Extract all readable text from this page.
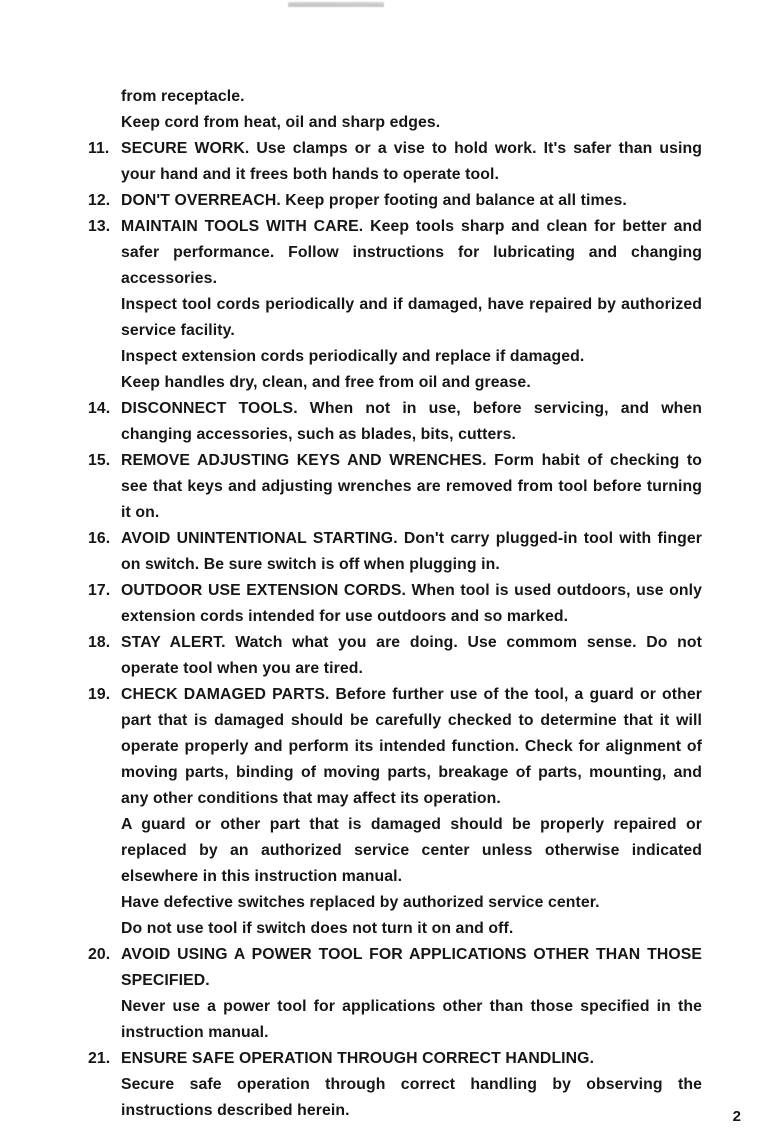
from receptacle.

Keep cord from heat, oil and sharp edges.

11. SECURE WORK. Use clamps or a vise to hold work. It's safer than using your hand and it frees both hands to operate tool.

12. DON'T OVERREACH. Keep proper footing and balance at all times.

13. MAINTAIN TOOLS WITH CARE. Keep tools sharp and clean for better and safer performance. Follow instructions for lubricating and changing accessories.

Inspect tool cords periodically and if damaged, have repaired by authorized service facility.

Inspect extension cords periodically and replace if damaged.

Keep handles dry, clean, and free from oil and grease.

14. DISCONNECT TOOLS. When not in use, before servicing, and when changing accessories, such as blades, bits, cutters.

15. REMOVE ADJUSTING KEYS AND WRENCHES. Form habit of checking to see that keys and adjusting wrenches are removed from tool before turning it on.

16. AVOID UNINTENTIONAL STARTING. Don't carry plugged-in tool with finger on switch. Be sure switch is off when plugging in.

17. OUTDOOR USE EXTENSION CORDS. When tool is used outdoors, use only extension cords intended for use outdoors and so marked.

18. STAY ALERT. Watch what you are doing. Use commom sense. Do not operate tool when you are tired.

19. CHECK DAMAGED PARTS. Before further use of the tool, a guard or other part that is damaged should be carefully checked to determine that it will operate properly and perform its intended function. Check for alignment of moving parts, binding of moving parts, breakage of parts, mounting, and any other conditions that may affect its operation.

A guard or other part that is damaged should be properly repaired or replaced by an authorized service center unless otherwise indicated elsewhere in this instruction manual.

Have defective switches replaced by authorized service center.

Do not use tool if switch does not turn it on and off.

20. AVOID USING A POWER TOOL FOR APPLICATIONS OTHER THAN THOSE SPECIFIED.

Never use a power tool for applications other than those specified in the instruction manual.

21. ENSURE SAFE OPERATION THROUGH CORRECT HANDLING.

Secure safe operation through correct handling by observing the instructions described herein.	2
